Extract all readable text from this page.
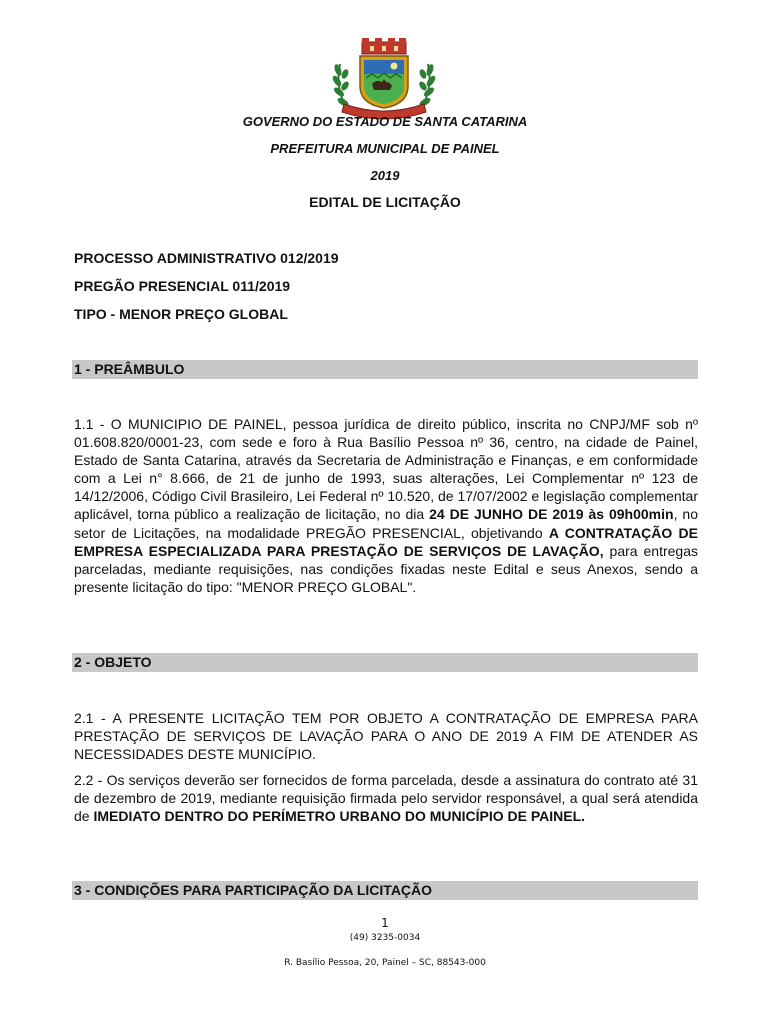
GOVERNO DO ESTADO DE SANTA CATARINA
PREFEITURA MUNICIPAL DE PAINEL
2019
EDITAL DE LICITAÇÃO
PROCESSO ADMINISTRATIVO 012/2019
PREGÃO PRESENCIAL 011/2019
TIPO - MENOR PREÇO GLOBAL
1 - PREÂMBULO
1.1 - O MUNICIPIO DE PAINEL, pessoa jurídica de direito público, inscrita no CNPJ/MF sob nº 01.608.820/0001-23, com sede e foro à Rua Basílio Pessoa nº 36, centro, na cidade de Painel, Estado de Santa Catarina, através da Secretaria de Administração e Finanças, e em conformidade com a Lei n° 8.666, de 21 de junho de 1993, suas alterações, Lei Complementar nº 123 de 14/12/2006, Código Civil Brasileiro, Lei Federal nº 10.520, de 17/07/2002 e legislação complementar aplicável, torna público a realização de licitação, no dia 24 DE JUNHO DE 2019 às 09h00min, no setor de Licitações, na modalidade PREGÃO PRESENCIAL, objetivando A CONTRATAÇÃO DE EMPRESA ESPECIALIZADA PARA PRESTAÇÃO DE SERVIÇOS DE LAVAÇÃO, para entregas parceladas, mediante requisições, nas condições fixadas neste Edital e seus Anexos, sendo a presente licitação do tipo: "MENOR PREÇO GLOBAL".
2 - OBJETO
2.1 - A PRESENTE LICITAÇÃO TEM POR OBJETO A CONTRATAÇÃO DE EMPRESA PARA PRESTAÇÃO DE SERVIÇOS DE LAVAÇÃO PARA O ANO DE 2019 A FIM DE ATENDER AS NECESSIDADES DESTE MUNICÍPIO.
2.2 - Os serviços deverão ser fornecidos de forma parcelada, desde a assinatura do contrato até 31 de dezembro de 2019, mediante requisição firmada pelo servidor responsável, a qual será atendida de IMEDIATO DENTRO DO PERÍMETRO URBANO DO MUNICÍPIO DE PAINEL.
3 - CONDIÇÕES PARA PARTICIPAÇÃO DA LICITAÇÃO
1
(49) 3235-0034
R. Basílio Pessoa, 20, Painel – SC, 88543-000
